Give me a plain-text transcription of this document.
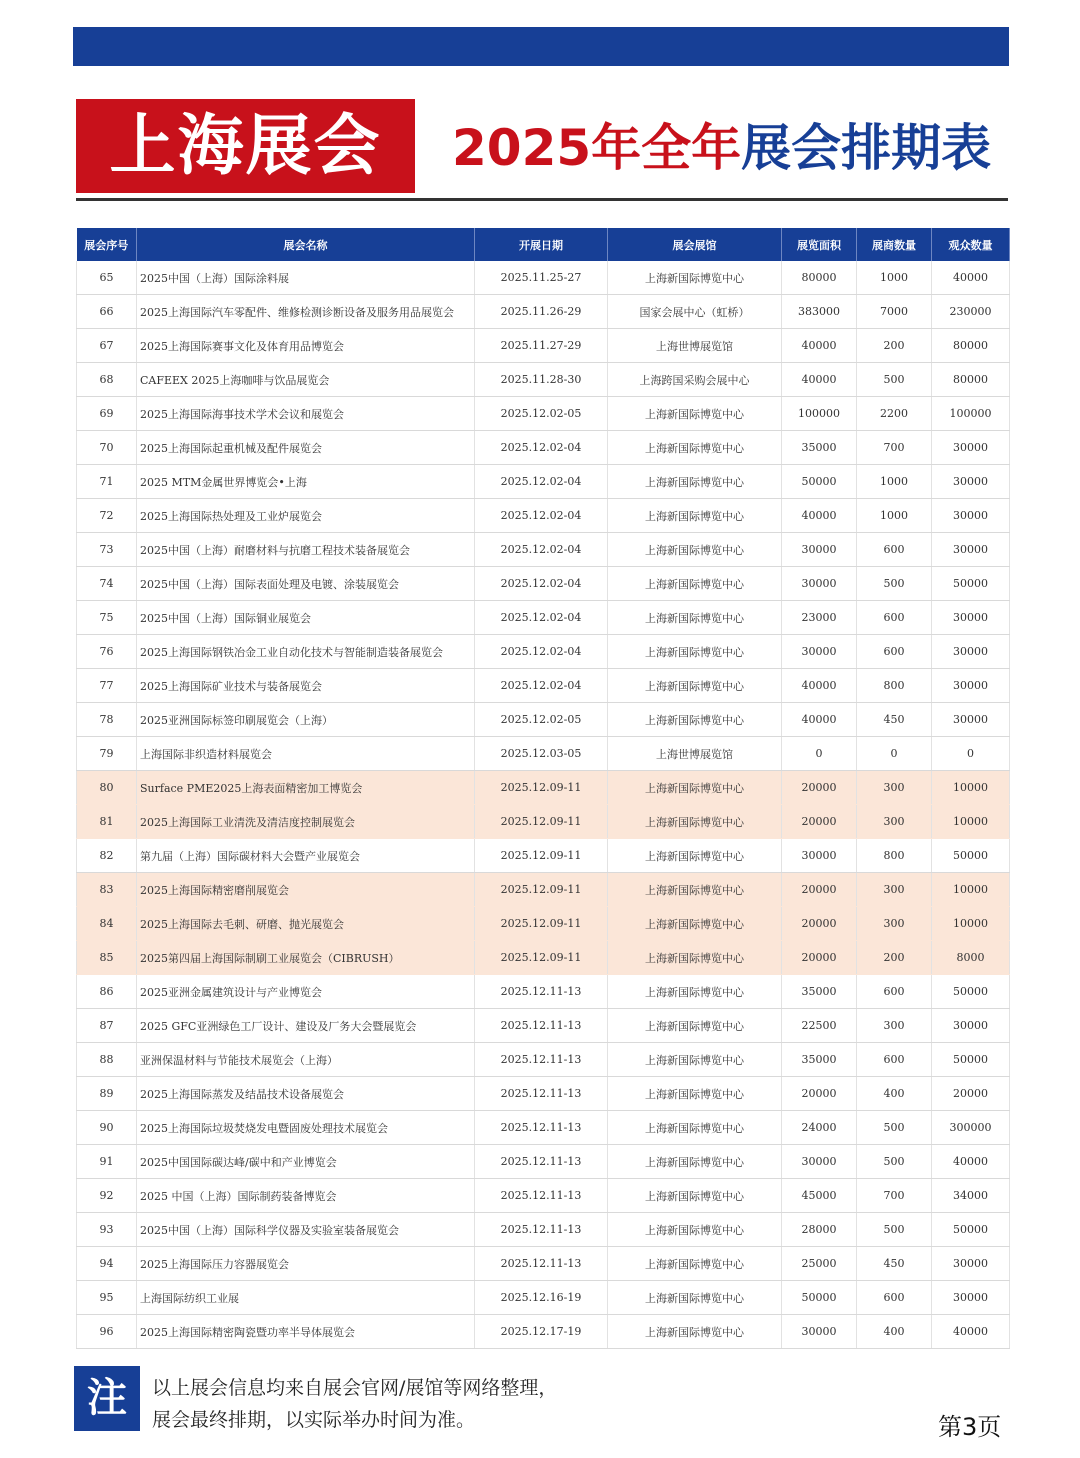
上海展会	2025年全年展会排期表
展会序号	展会名称	开展日期	展会展馆	展览面积	展商数量	观众数量
65	2025中国（上海）国际涂料展	2025.11.25-27	上海新国际博览中心	80000	1000	40000
66	2025上海国际汽车零配件、维修检测诊断设备及服务用品展览会	2025.11.26-29	国家会展中心（虹桥）	383000	7000	230000
67	2025上海国际赛事文化及体育用品博览会	2025.11.27-29	上海世博展览馆	40000	200	80000
68	CAFEEX 2025上海咖啡与饮品展览会	2025.11.28-30	上海跨国采购会展中心	40000	500	80000
69	2025上海国际海事技术学术会议和展览会	2025.12.02-05	上海新国际博览中心	100000	2200	100000
70	2025上海国际起重机械及配件展览会	2025.12.02-04	上海新国际博览中心	35000	700	30000
71	2025 MTM金属世界博览会•上海	2025.12.02-04	上海新国际博览中心	50000	1000	30000
72	2025上海国际热处理及工业炉展览会	2025.12.02-04	上海新国际博览中心	40000	1000	30000
73	2025中国（上海）耐磨材料与抗磨工程技术装备展览会	2025.12.02-04	上海新国际博览中心	30000	600	30000
74	2025中国（上海）国际表面处理及电镀、涂装展览会	2025.12.02-04	上海新国际博览中心	30000	500	50000
75	2025中国（上海）国际铜业展览会	2025.12.02-04	上海新国际博览中心	23000	600	30000
76	2025上海国际钢铁冶金工业自动化技术与智能制造装备展览会	2025.12.02-04	上海新国际博览中心	30000	600	30000
77	2025上海国际矿业技术与装备展览会	2025.12.02-04	上海新国际博览中心	40000	800	30000
78	2025亚洲国际标签印刷展览会（上海）	2025.12.02-05	上海新国际博览中心	40000	450	30000
79	上海国际非织造材料展览会	2025.12.03-05	上海世博展览馆	0	0	0
80	Surface PME2025上海表面精密加工博览会	2025.12.09-11	上海新国际博览中心	20000	300	10000
81	2025上海国际工业清洗及清洁度控制展览会	2025.12.09-11	上海新国际博览中心	20000	300	10000
82	第九届（上海）国际碳材料大会暨产业展览会	2025.12.09-11	上海新国际博览中心	30000	800	50000
83	2025上海国际精密磨削展览会	2025.12.09-11	上海新国际博览中心	20000	300	10000
84	2025上海国际去毛刺、研磨、抛光展览会	2025.12.09-11	上海新国际博览中心	20000	300	10000
85	2025第四届上海国际制刷工业展览会（CIBRUSH）	2025.12.09-11	上海新国际博览中心	20000	200	8000
86	2025亚洲金属建筑设计与产业博览会	2025.12.11-13	上海新国际博览中心	35000	600	50000
87	2025 GFC亚洲绿色工厂设计、建设及厂务大会暨展览会	2025.12.11-13	上海新国际博览中心	22500	300	30000
88	亚洲保温材料与节能技术展览会（上海）	2025.12.11-13	上海新国际博览中心	35000	600	50000
89	2025上海国际蒸发及结晶技术设备展览会	2025.12.11-13	上海新国际博览中心	20000	400	20000
90	2025上海国际垃圾焚烧发电暨固废处理技术展览会	2025.12.11-13	上海新国际博览中心	24000	500	300000
91	2025中国国际碳达峰/碳中和产业博览会	2025.12.11-13	上海新国际博览中心	30000	500	40000
92	2025 中国（上海）国际制药装备博览会	2025.12.11-13	上海新国际博览中心	45000	700	34000
93	2025中国（上海）国际科学仪器及实验室装备展览会	2025.12.11-13	上海新国际博览中心	28000	500	50000
94	2025上海国际压力容器展览会	2025.12.11-13	上海新国际博览中心	25000	450	30000
95	上海国际纺织工业展	2025.12.16-19	上海新国际博览中心	50000	600	30000
96	2025上海国际精密陶瓷暨功率半导体展览会	2025.12.17-19	上海新国际博览中心	30000	400	40000
注	以上展会信息均来自展会官网/展馆等网络整理，
展会最终排期，以实际举办时间为准。	第3页
